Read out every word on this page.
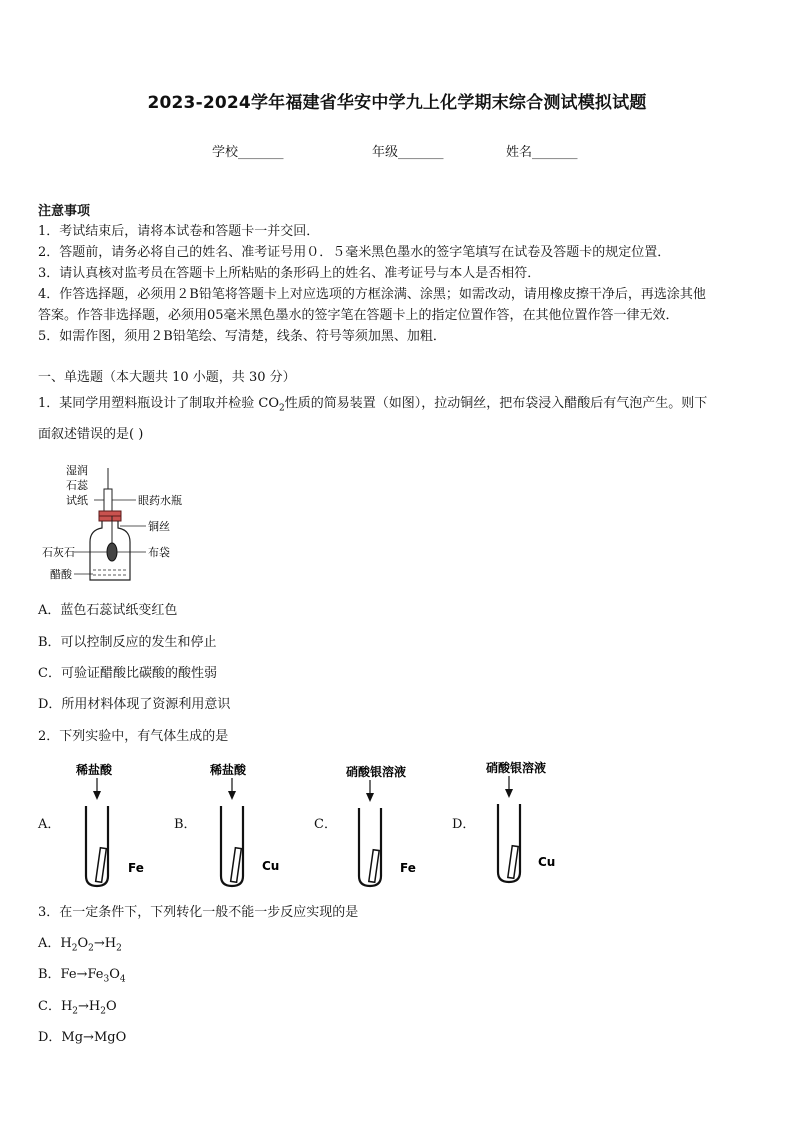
2023-2024学年福建省华安中学九上化学期末综合测试模拟试题
学校_______	年级_______	姓名_______
注意事项
1．考试结束后，请将本试卷和答题卡一并交回．
2．答题前，请务必将自己的姓名、准考证号用０．５毫米黑色墨水的签字笔填写在试卷及答题卡的规定位置．
3．请认真核对监考员在答题卡上所粘贴的条形码上的姓名、准考证号与本人是否相符．
4．作答选择题，必须用２B铅笔将答题卡上对应选项的方框涂满、涂黑；如需改动，请用橡皮擦干净后，再选涂其他
答案。作答非选择题，必须用05毫米黑色墨水的签字笔在答题卡上的指定位置作答，在其他位置作答一律无效．
5．如需作图，须用２B铅笔绘、写清楚，线条、符号等须加黑、加粗．
一、单选题（本大题共 10 小题，共 30 分）
1．某同学用塑料瓶设计了制取并检验 $CO_2$性质的简易装置（如图），拉动铜丝，把布袋浸入醋酸后有气泡产生。则下
面叙述错误的是( )
湿润
石蕊
试纸	眼药水瓶
铜丝
布袋
石灰石
醋酸
A．蓝色石蕊试纸变红色
B．可以控制反应的发生和停止
C．可验证醋酸比碳酸的酸性弱
D．所用材料体现了资源利用意识
2．下列实验中，有气体生成的是
A．
稀盐酸
Fe
B．
稀盐酸
Cu
C．
硝酸银溶液
Fe
D．
硝酸银溶液
Cu
3．在一定条件下，下列转化一般不能一步反应实现的是
A．$H_2O_2\to H_2$
B．$Fe\to Fe_3O_4$
C．$H_2\to H_2O$
D．Mg→MgO
